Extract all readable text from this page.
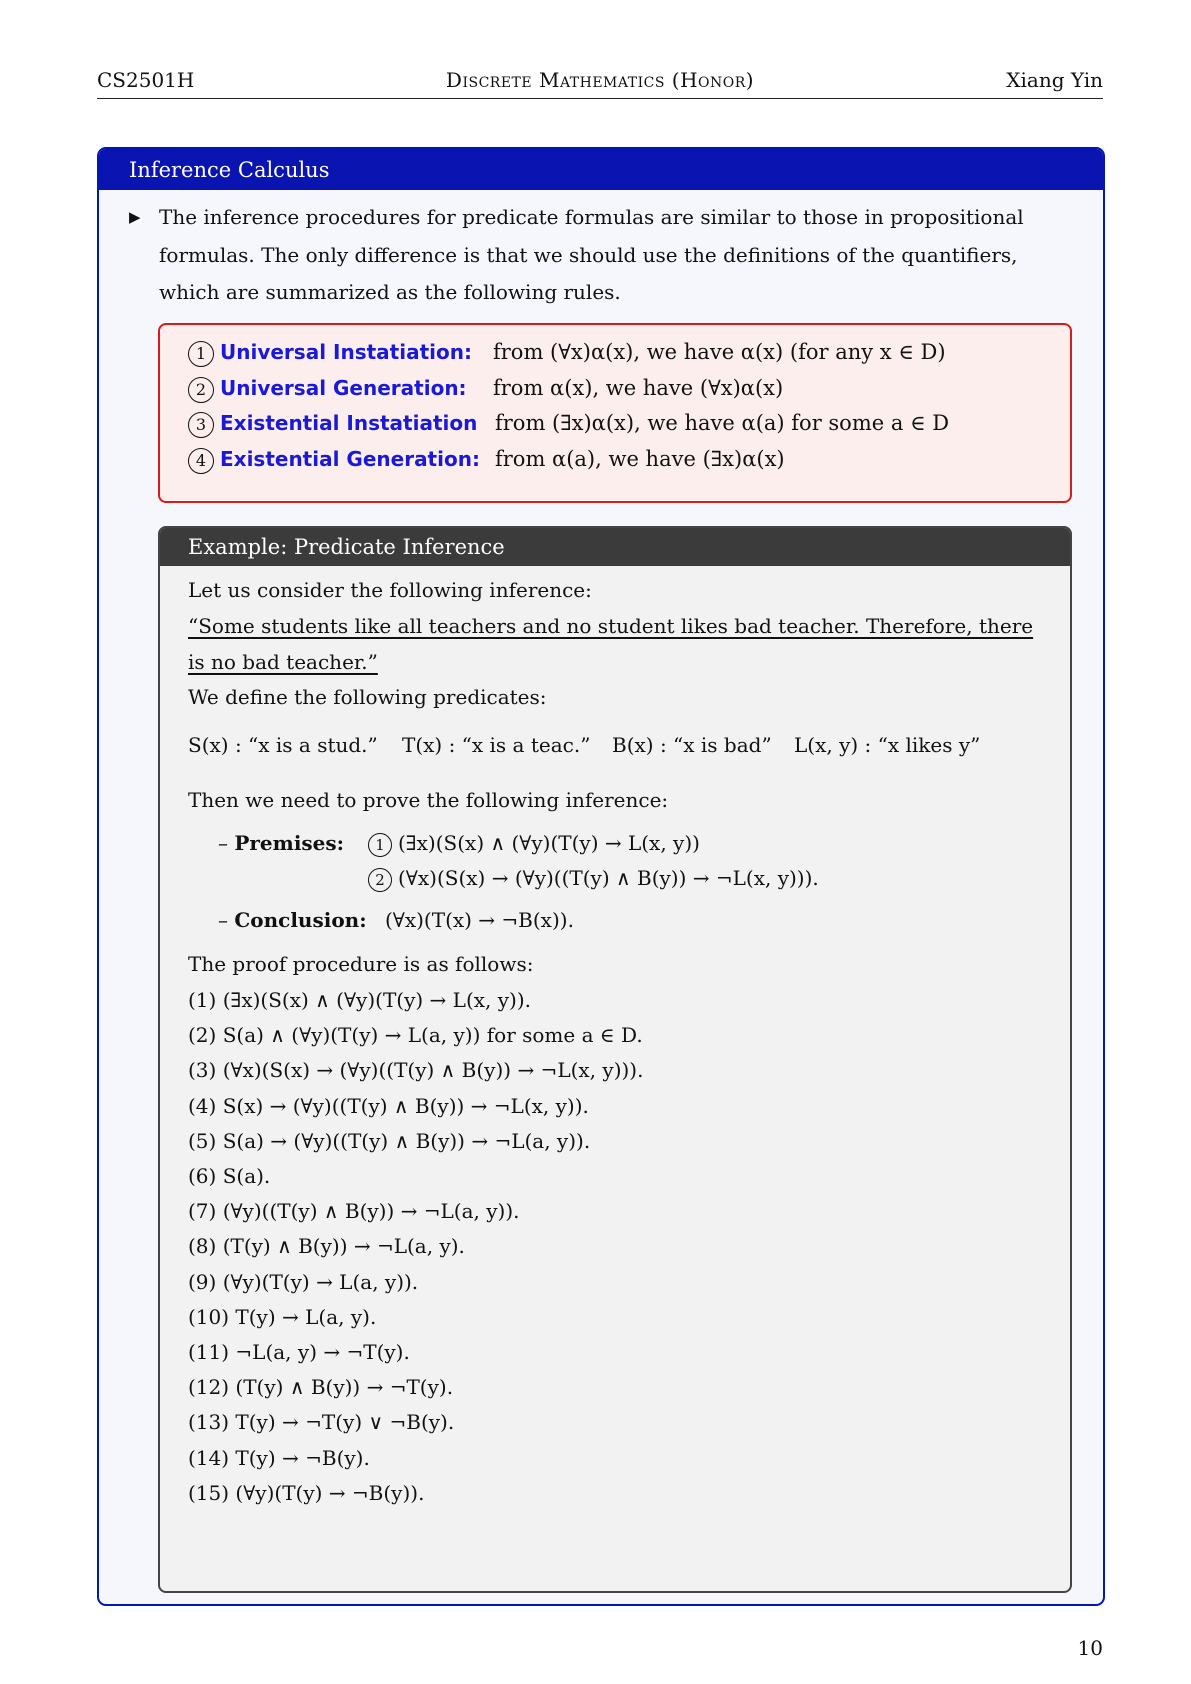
CS2501H	Discrete Mathematics (Honor)	Xiang Yin
Inference Calculus
▶ The inference procedures for predicate formulas are similar to those in propositional
formulas. The only difference is that we should use the definitions of the quantifiers,
which are summarized as the following rules.
1 Universal Instatiation: from (∀x)α(x), we have α(x) (for any x ∈ D)
2 Universal Generation: from α(x), we have (∀x)α(x)
3 Existential Instatiation from (∃x)α(x), we have α(a) for some a ∈ D
4 Existential Generation: from α(a), we have (∃x)α(x)
Example: Predicate Inference
Let us consider the following inference:
“Some students like all teachers and no student likes bad teacher. Therefore, there
is no bad teacher.”
We define the following predicates:
S(x) : “x is a stud.” T(x) : “x is a teac.” B(x) : “x is bad” L(x, y) : “x likes y”
Then we need to prove the following inference:
– Premises:	1 (∃x)(S(x) ∧ (∀y)(T(y) → L(x, y))
2 (∀x)(S(x) → (∀y)((T(y) ∧ B(y)) → ¬L(x, y))).
– Conclusion: (∀x)(T(x) → ¬B(x)).
The proof procedure is as follows:
(1) (∃x)(S(x) ∧ (∀y)(T(y) → L(x, y)).
(2) S(a) ∧ (∀y)(T(y) → L(a, y)) for some a ∈ D.
(3) (∀x)(S(x) → (∀y)((T(y) ∧ B(y)) → ¬L(x, y))).
(4) S(x) → (∀y)((T(y) ∧ B(y)) → ¬L(x, y)).
(5) S(a) → (∀y)((T(y) ∧ B(y)) → ¬L(a, y)).
(6) S(a).
(7) (∀y)((T(y) ∧ B(y)) → ¬L(a, y)).
(8) (T(y) ∧ B(y)) → ¬L(a, y).
(9) (∀y)(T(y) → L(a, y)).
(10) T(y) → L(a, y).
(11) ¬L(a, y) → ¬T(y).
(12) (T(y) ∧ B(y)) → ¬T(y).
(13) T(y) → ¬T(y) ∨ ¬B(y).
(14) T(y) → ¬B(y).
(15) (∀y)(T(y) → ¬B(y)).
10
